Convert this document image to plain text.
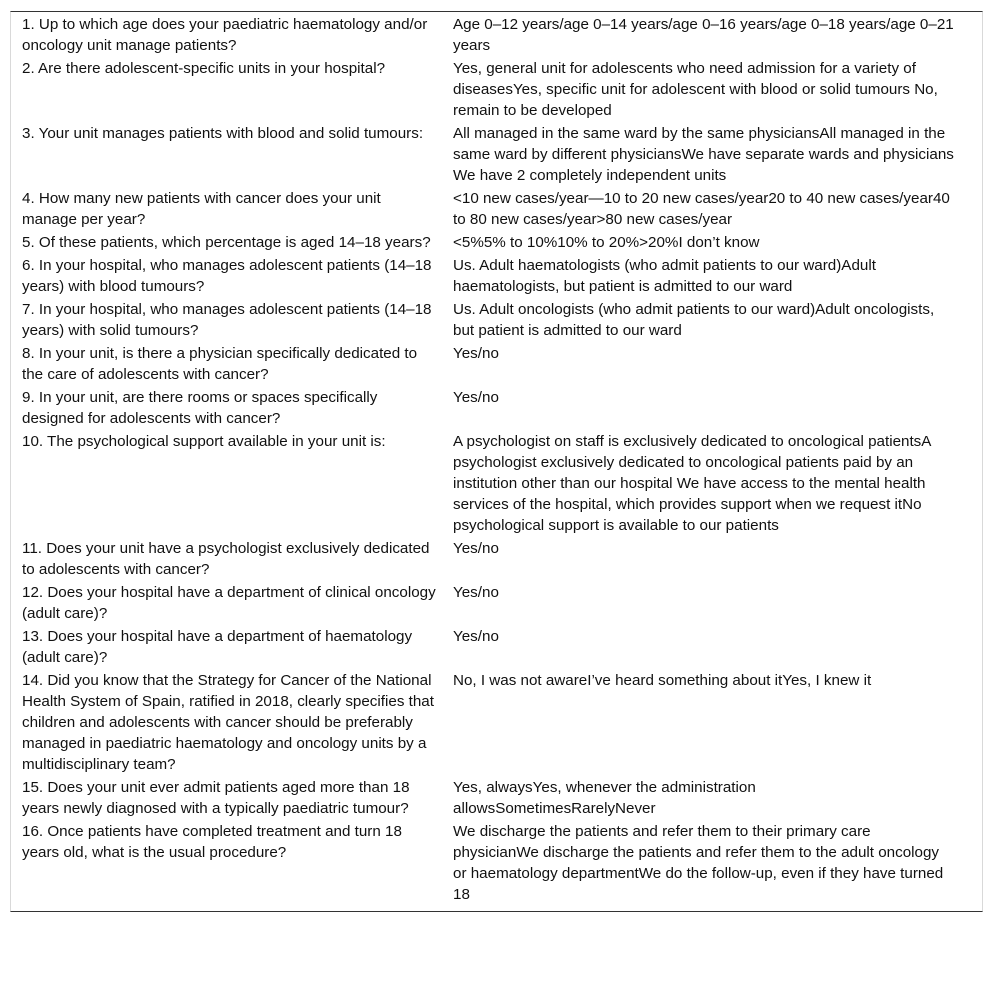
1. Up to which age does your paediatric haematology and/or oncology unit manage patients?	Age 0–12 years/age 0–14 years/age 0–16 years/age 0–18 years/age 0–21 years
2. Are there adolescent-specific units in your hospital?	Yes, general unit for adolescents who need admission for a variety of diseasesYes, specific unit for adolescent with blood or solid tumours No, remain to be developed
3. Your unit manages patients with blood and solid tumours:	All managed in the same ward by the same physiciansAll managed in the same ward by different physiciansWe have separate wards and physicians We have 2 completely independent units
4. How many new patients with cancer does your unit manage per year?	<10 new cases/year—10 to 20 new cases/year20 to 40 new cases/year40 to 80 new cases/year>80 new cases/year
5. Of these patients, which percentage is aged 14–18 years?	<5%5% to 10%10% to 20%>20%I don’t know
6. In your hospital, who manages adolescent patients (14–18 years) with blood tumours?	Us. Adult haematologists (who admit patients to our ward)Adult haematologists, but patient is admitted to our ward
7. In your hospital, who manages adolescent patients (14–18 years) with solid tumours?	Us. Adult oncologists (who admit patients to our ward)Adult oncologists, but patient is admitted to our ward
8. In your unit, is there a physician specifically dedicated to the care of adolescents with cancer?	Yes/no
9. In your unit, are there rooms or spaces specifically designed for adolescents with cancer?	Yes/no
10. The psychological support available in your unit is:	A psychologist on staff is exclusively dedicated to oncological patientsA psychologist exclusively dedicated to oncological patients paid by an institution other than our hospital We have access to the mental health services of the hospital, which provides support when we request itNo psychological support is available to our patients
11. Does your unit have a psychologist exclusively dedicated to adolescents with cancer?	Yes/no
12. Does your hospital have a department of clinical oncology (adult care)?	Yes/no
13. Does your hospital have a department of haematology (adult care)?	Yes/no
14. Did you know that the Strategy for Cancer of the National Health System of Spain, ratified in 2018, clearly specifies that children and adolescents with cancer should be preferably managed in paediatric haematology and oncology units by a multidisciplinary team?	No, I was not awareI’ve heard something about itYes, I knew it
15. Does your unit ever admit patients aged more than 18 years newly diagnosed with a typically paediatric tumour?	Yes, alwaysYes, whenever the administration allowsSometimesRarelyNever
16. Once patients have completed treatment and turn 18 years old, what is the usual procedure?	We discharge the patients and refer them to their primary care physicianWe discharge the patients and refer them to the adult oncology or haematology departmentWe do the follow-up, even if they have turned 18
